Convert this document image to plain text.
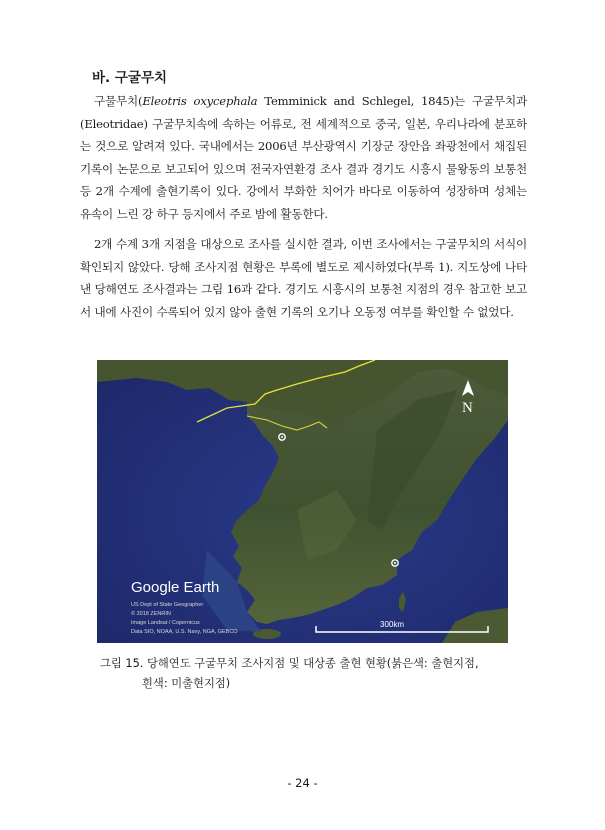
바. 구굴무치
구물무치(Eleotris oxycephala Temminick and Schlegel, 1845)는 구굴무치과(Eleotridae) 구굴무치속에 속하는 어류로, 전 세계적으로 중국, 일본, 우리나라에 분포하는 것으로 알려져 있다. 국내에서는 2006년 부산광역시 기장군 장안읍 좌광천에서 채집된 기록이 논문으로 보고되어 있으며 전국자연환경 조사 결과 경기도 시흥시 물왕동의 보통천 등 2개 수계에 출현기록이 있다. 강에서 부화한 치어가 바다로 이동하여 성장하며 성체는 유속이 느린 강 하구 등지에서 주로 밤에 활동한다.
2개 수계 3개 지점을 대상으로 조사를 실시한 결과, 이번 조사에서는 구굴무치의 서식이 확인되지 않았다. 당해 조사지점 현황은 부록에 별도로 제시하였다(부록 1). 지도상에 나타낸 당해연도 조사결과는 그림 16과 같다. 경기도 시흥시의 보통천 지점의 경우 참고한 보고서 내에 사진이 수록되어 있지 않아 출현 기록의 오기나 오동정 여부를 확인할 수 없었다.
N
Google Earth
US Dept of State Geographer
© 2018 ZENRIN
Image Landsat / Copernicus
Data SIO, NOAA, U.S. Navy, NGA, GEBCO
300km
그림 15. 당해연도 구굴무치 조사지점 및 대상종 출현 현황(붉은색: 출현지점,
흰색: 미출현지점)
- 24 -
